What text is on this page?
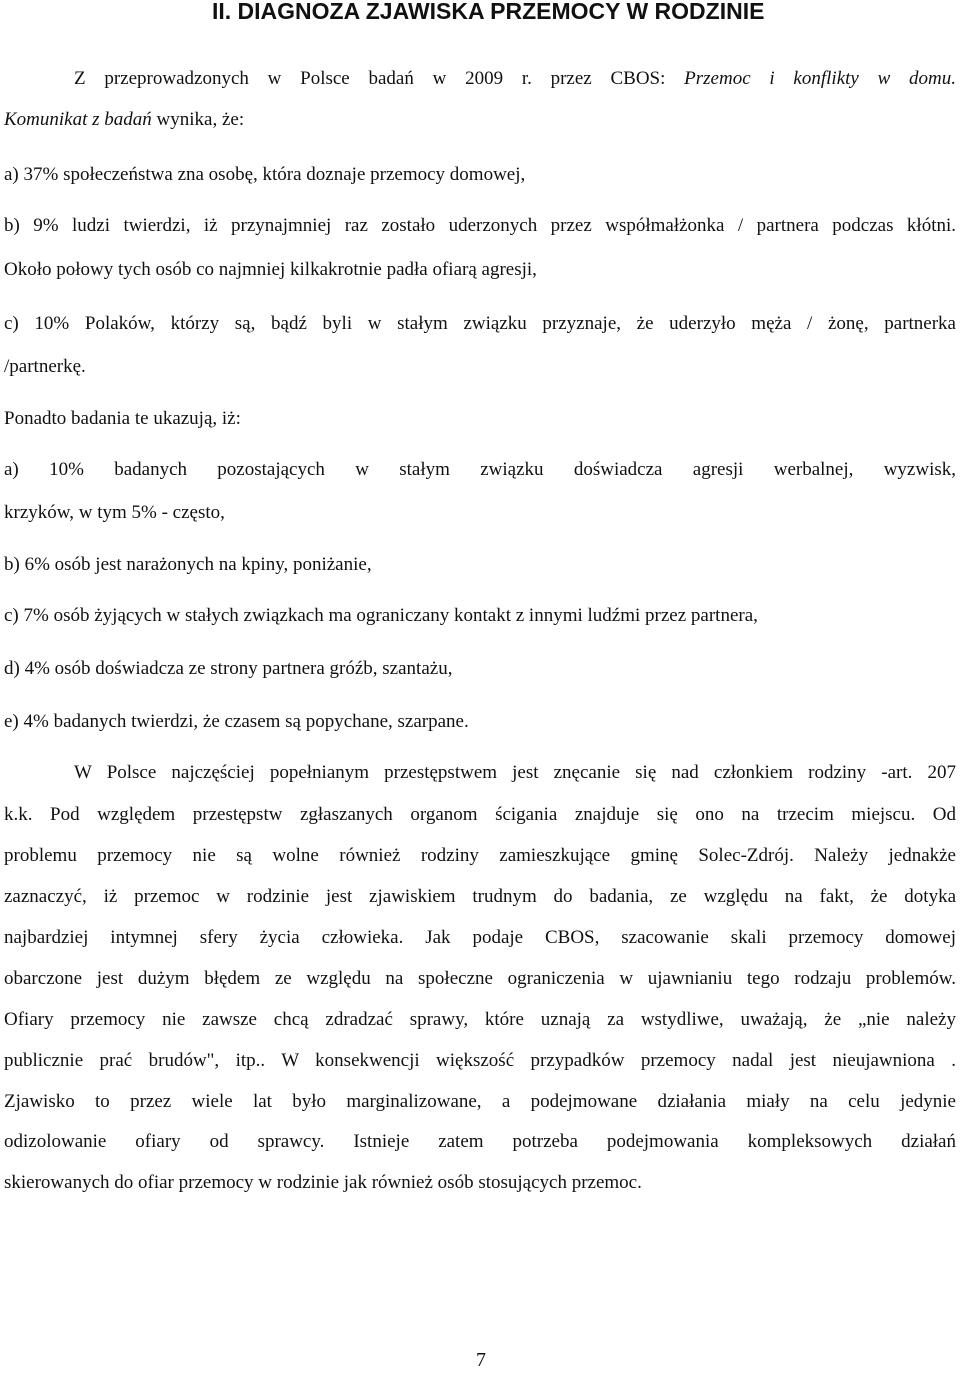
II. DIAGNOZA ZJAWISKA PRZEMOCY W RODZINIE

Z przeprowadzonych w Polsce badań w 2009 r. przez CBOS: Przemoc i konflikty w domu.

Komunikat z badań wynika, że:

a) 37% społeczeństwa zna osobę, która doznaje przemocy domowej,

b) 9% ludzi twierdzi, iż przynajmniej raz zostało uderzonych przez współmałżonka / partnera podczas kłótni.

Około połowy tych osób co najmniej kilkakrotnie padła ofiarą agresji,

c) 10% Polaków, którzy są, bądź byli w stałym związku przyznaje, że uderzyło męża / żonę, partnerka

/partnerkę.

Ponadto badania te ukazują, iż:

a) 10% badanych pozostających w stałym związku doświadcza agresji werbalnej, wyzwisk,

krzyków, w tym 5% - często,

b) 6% osób jest narażonych na kpiny, poniżanie,

c) 7% osób żyjących w stałych związkach ma ograniczany kontakt z innymi ludźmi przez partnera,

d) 4% osób doświadcza ze strony partnera gróźb, szantażu,

e) 4% badanych twierdzi, że czasem są popychane, szarpane.

W Polsce najczęściej popełnianym przestępstwem jest znęcanie się nad członkiem rodziny -art. 207

k.k. Pod względem przestępstw zgłaszanych organom ścigania znajduje się ono na trzecim miejscu. Od

problemu przemocy nie są wolne również rodziny zamieszkujące gminę Solec-Zdrój. Należy jednakże

zaznaczyć, iż przemoc w rodzinie jest zjawiskiem trudnym do badania, ze względu na fakt, że dotyka

najbardziej intymnej sfery życia człowieka. Jak podaje CBOS, szacowanie skali przemocy domowej

obarczone jest dużym błędem ze względu na społeczne ograniczenia w ujawnianiu tego rodzaju problemów.

Ofiary przemocy nie zawsze chcą zdradzać sprawy, które uznają za wstydliwe, uważają, że „nie należy

publicznie prać brudów", itp.. W konsekwencji większość przypadków przemocy nadal jest nieujawniona .

Zjawisko to przez wiele lat było marginalizowane, a podejmowane działania miały na celu jedynie

odizolowanie ofiary od sprawcy. Istnieje zatem potrzeba podejmowania kompleksowych działań

skierowanych do ofiar przemocy w rodzinie jak również osób stosujących przemoc.

7
